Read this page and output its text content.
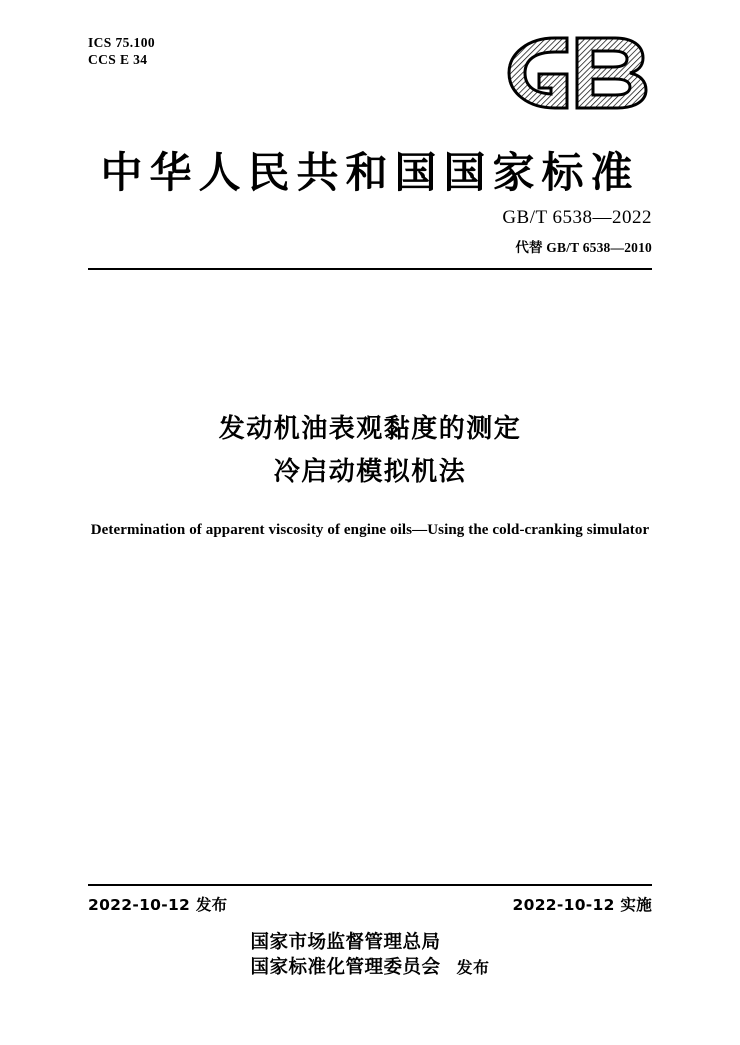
ICS 75.100
CCS E 34
中华人民共和国国家标准
GB/T 6538—2022
代替 GB/T 6538—2010
发动机油表观黏度的测定
冷启动模拟机法
Determination of apparent viscosity of engine oils—Using the cold-cranking simulator
2022-10-12 发布	2022-10-12 实施
国家市场监督管理总局
国家标准化管理委员会 发布
